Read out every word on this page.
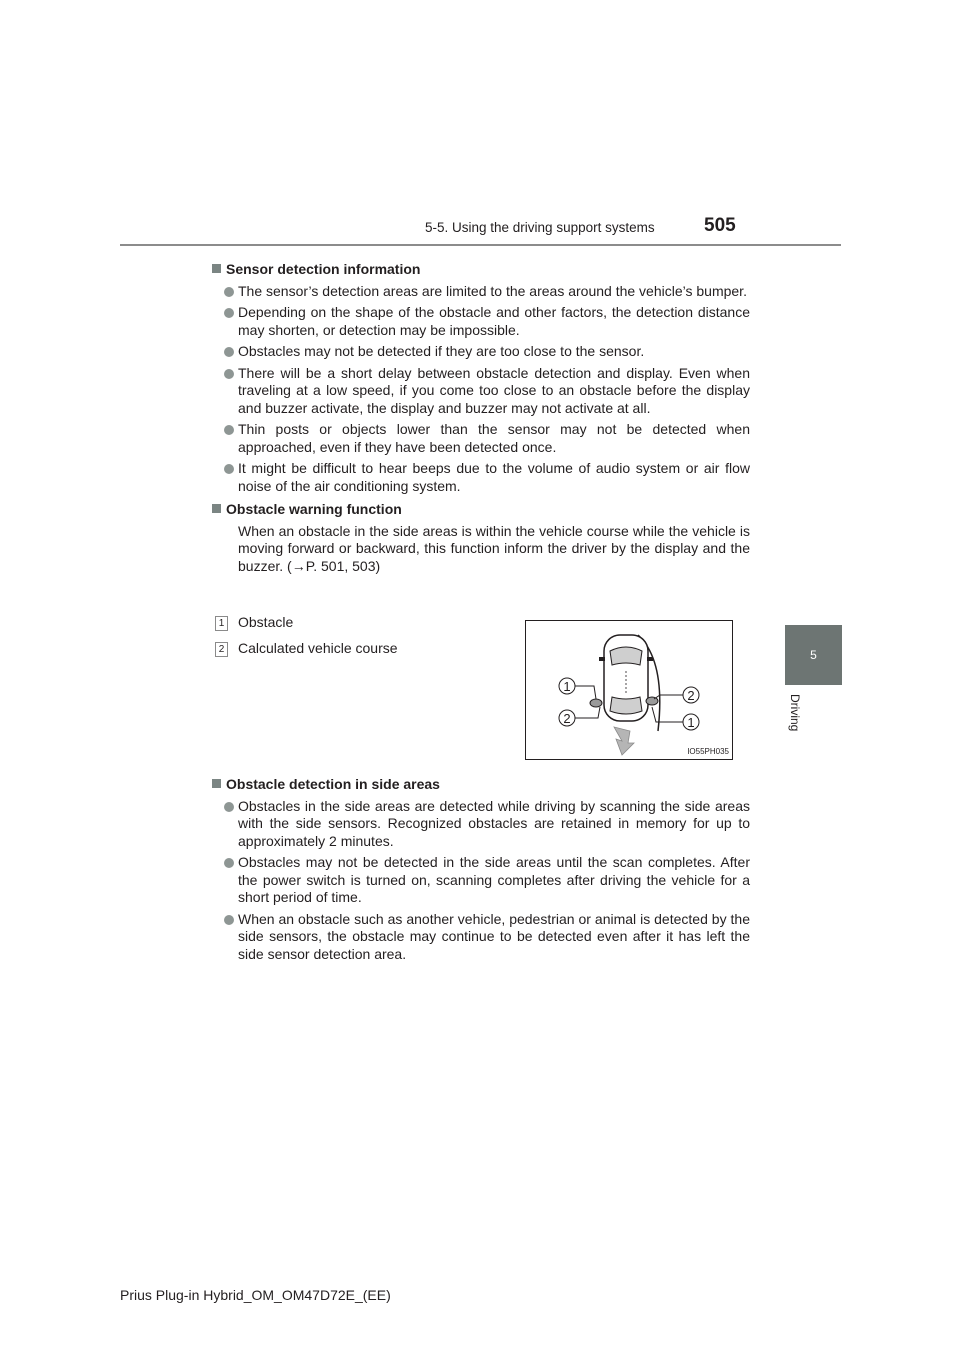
5-5. Using the driving support systems	505
5
Driving
Sensor detection information
The sensor’s detection areas are limited to the areas around the vehicle’s bumper.
Depending on the shape of the obstacle and other factors, the detection distance may shorten, or detection may be impossible.
Obstacles may not be detected if they are too close to the sensor.
There will be a short delay between obstacle detection and display. Even when traveling at a low speed, if you come too close to an obstacle before the display and buzzer activate, the display and buzzer may not activate at all.
Thin posts or objects lower than the sensor may not be detected when approached, even if they have been detected once.
It might be difficult to hear beeps due to the volume of audio system or air flow noise of the air conditioning system.
Obstacle warning function
When an obstacle in the side areas is within the vehicle course while the vehicle is moving forward or backward, this function inform the driver by the display and the buzzer. (→P. 501, 503)
1 Obstacle
2 Calculated vehicle course
1
2
2
1
IO55PH035
Obstacle detection in side areas
Obstacles in the side areas are detected while driving by scanning the side areas with the side sensors. Recognized obstacles are retained in memory for up to approximately 2 minutes.
Obstacles may not be detected in the side areas until the scan completes. After the power switch is turned on, scanning completes after driving the vehicle for a short period of time.
When an obstacle such as another vehicle, pedestrian or animal is detected by the side sensors, the obstacle may continue to be detected even after it has left the side sensor detection area.
Prius Plug-in Hybrid_OM_OM47D72E_(EE)
